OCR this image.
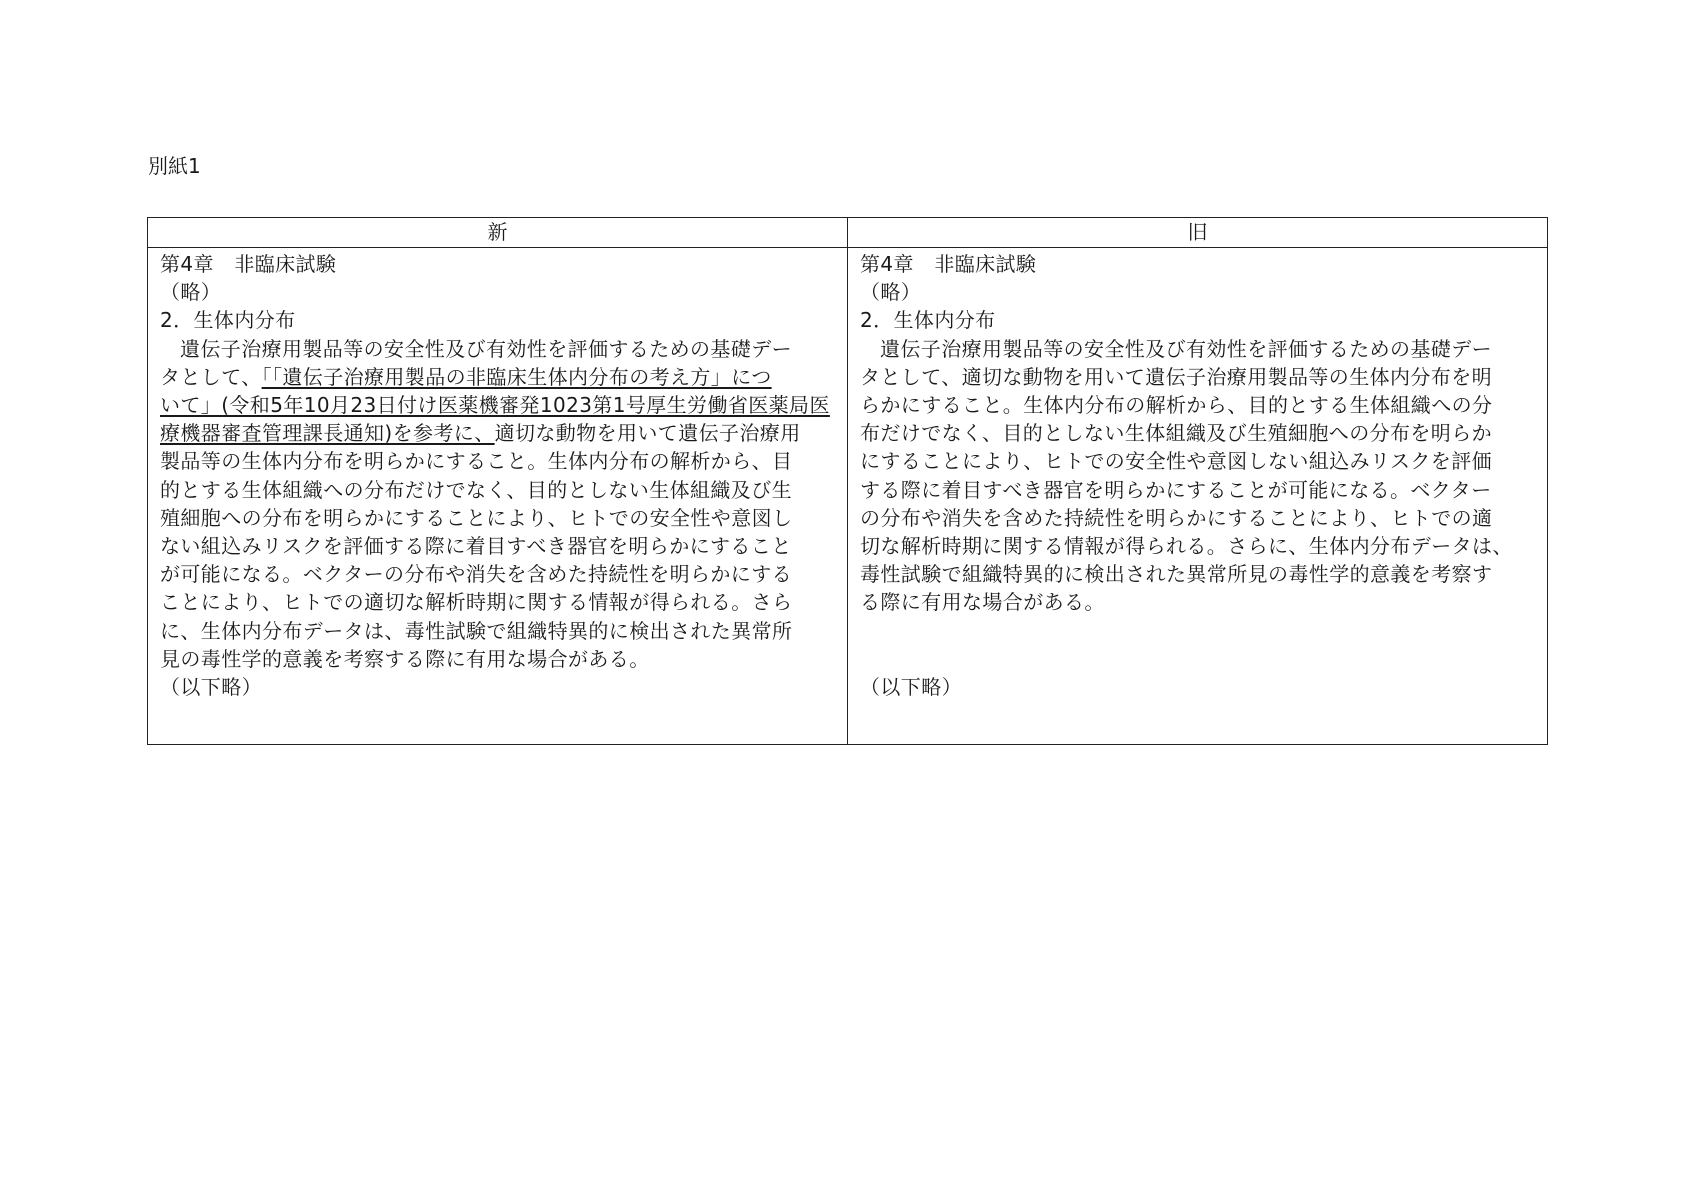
別紙1
新	旧
第4章　非臨床試験
（略）
2．生体内分布
遺伝子治療用製品等の安全性及び有効性を評価するための基礎デー
タとして、「「遺伝子治療用製品の非臨床生体内分布の考え方」につ
いて」(令和5年10月23日付け医薬機審発1023第1号厚生労働省医薬局医
療機器審査管理課長通知)を参考に、適切な動物を用いて遺伝子治療用
製品等の生体内分布を明らかにすること。生体内分布の解析から、目
的とする生体組織への分布だけでなく、目的としない生体組織及び生
殖細胞への分布を明らかにすることにより、ヒトでの安全性や意図し
ない組込みリスクを評価する際に着目すべき器官を明らかにすること
が可能になる。ベクターの分布や消失を含めた持続性を明らかにする
ことにより、ヒトでの適切な解析時期に関する情報が得られる。さら
に、生体内分布データは、毒性試験で組織特異的に検出された異常所
見の毒性学的意義を考察する際に有用な場合がある。
（以下略）
第4章　非臨床試験
（略）
2．生体内分布
遺伝子治療用製品等の安全性及び有効性を評価するための基礎デー
タとして、適切な動物を用いて遺伝子治療用製品等の生体内分布を明
らかにすること。生体内分布の解析から、目的とする生体組織への分
布だけでなく、目的としない生体組織及び生殖細胞への分布を明らか
にすることにより、ヒトでの安全性や意図しない組込みリスクを評価
する際に着目すべき器官を明らかにすることが可能になる。ベクター
の分布や消失を含めた持続性を明らかにすることにより、ヒトでの適
切な解析時期に関する情報が得られる。さらに、生体内分布データは、
毒性試験で組織特異的に検出された異常所見の毒性学的意義を考察す
る際に有用な場合がある。
（以下略）
